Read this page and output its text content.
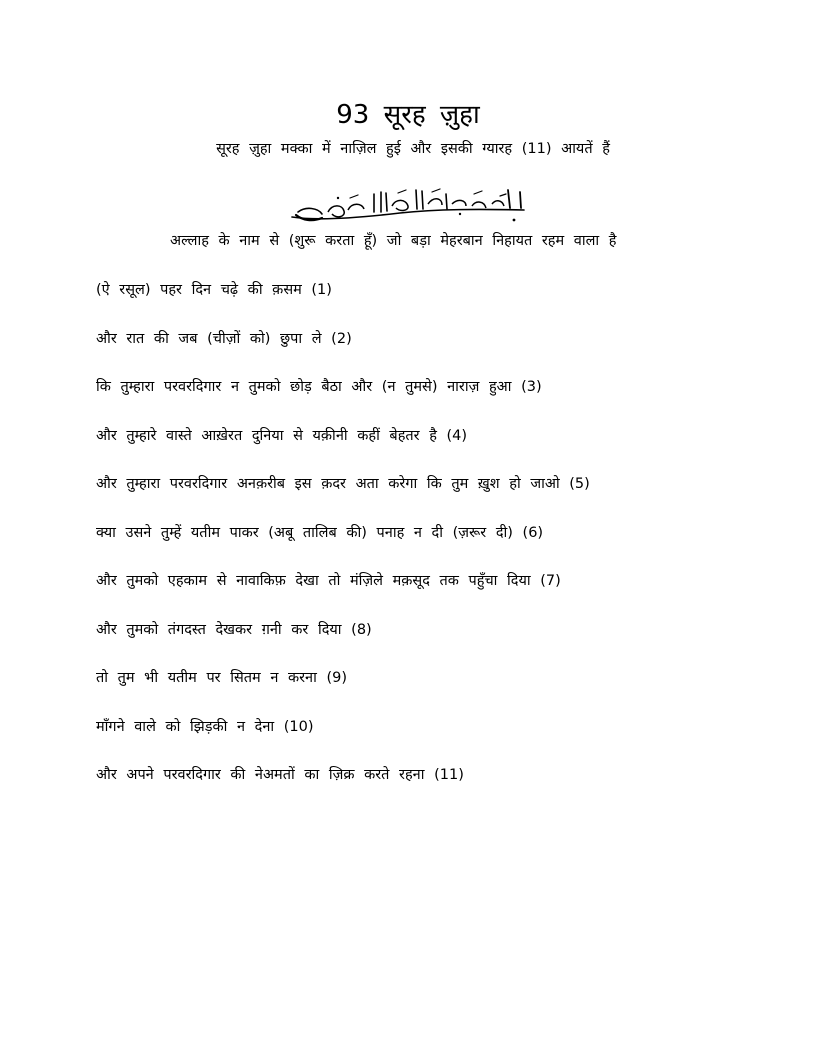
93 सूरह ज़ुहा
सूरह ज़ुहा मक्का में नाज़िल हुई और इसकी ग्यारह (11) आयतें हैं
अल्लाह के नाम से (शुरू करता हूँ) जो बड़ा मेहरबान निहायत रहम वाला है
(ऐ रसूल) पहर दिन चढ़े की क़सम (1)
और रात की जब (चीज़ों को) छुपा ले (2)
कि तुम्हारा परवरदिगार न तुमको छोड़ बैठा और (न तुमसे) नाराज़ हुआ (3)
और तुम्हारे वास्ते आख़ेरत दुनिया से यक़ीनी कहीं बेहतर है (4)
और तुम्हारा परवरदिगार अनक़रीब इस क़दर अता करेगा कि तुम ख़ुश हो जाओ (5)
क्या उसने तुम्हें यतीम पाकर (अबू तालिब की) पनाह न दी (ज़रूर दी) (6)
और तुमको एहकाम से नावाकिफ़ देखा तो मंज़िले मक़सूद तक पहुँचा दिया (7)
और तुमको तंगदस्त देखकर ग़नी कर दिया (8)
तो तुम भी यतीम पर सितम न करना (9)
माँगने वाले को झिड़की न देना (10)
और अपने परवरदिगार की नेअमतों का ज़िक्र करते रहना (11)
